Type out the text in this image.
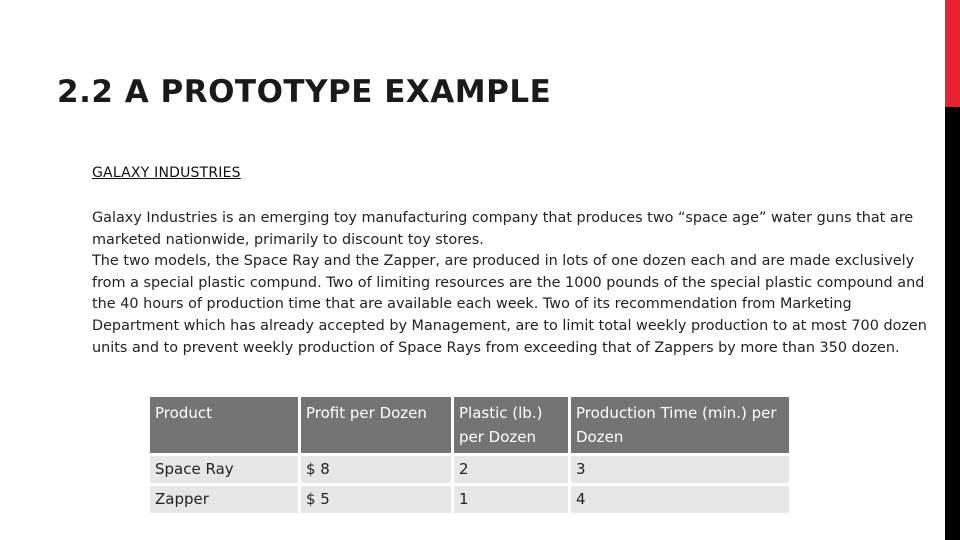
2.2 A PROTOTYPE EXAMPLE
GALAXY INDUSTRIES

Galaxy Industries is an emerging toy manufacturing company that produces two “space age” water guns that are marketed nationwide, primarily to discount toy stores.

The two models, the Space Ray and the Zapper, are produced in lots of one dozen each and are made exclusively from a special plastic compund. Two of limiting resources are the 1000 pounds of the special plastic compound and the 40 hours of production time that are available each week. Two of its recommendation from Marketing Department which has already accepted by Management, are to limit total weekly production to at most 700 dozen units and to prevent weekly production of Space Rays from exceeding that of Zappers by more than 350 dozen.

Product	Profit per Dozen	Plastic (lb.) per Dozen	Production Time (min.) per Dozen
Space Ray	$ 8	2	3
Zapper	$ 5	1	4
